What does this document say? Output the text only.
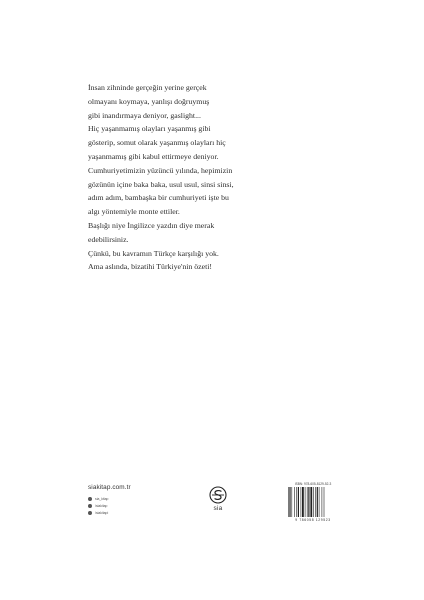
İnsan zihninde gerçeğin yerine gerçek
olmayanı koymaya, yanlışı doğruymuş
gibi inandırmaya deniyor, gaslight...
Hiç yaşanmamış olayları yaşanmış gibi
gösterip, somut olarak yaşanmış olayları hiç
yaşanmamış gibi kabul ettirmeye deniyor.
Cumhuriyetimizin yüzüncü yılında, hepimizin
gözünün içine baka baka, usul usul, sinsi sinsi,
adım adım, bambaşka bir cumhuriyeti işte bu
algı yöntemiyle monte ettiler.
Başlığı niye İngilizce yazdın diye merak
edebilirsiniz.
Çünkü, bu kavramın Türkçe karşılığı yok.
Ama aslında, bizatihi Türkiye'nin özeti!
siakitap.com.tr
sia_kitap
/siakitap
/siakitapi
sia
ISBN: 978-605-8129-52-3
9 786058 129523
